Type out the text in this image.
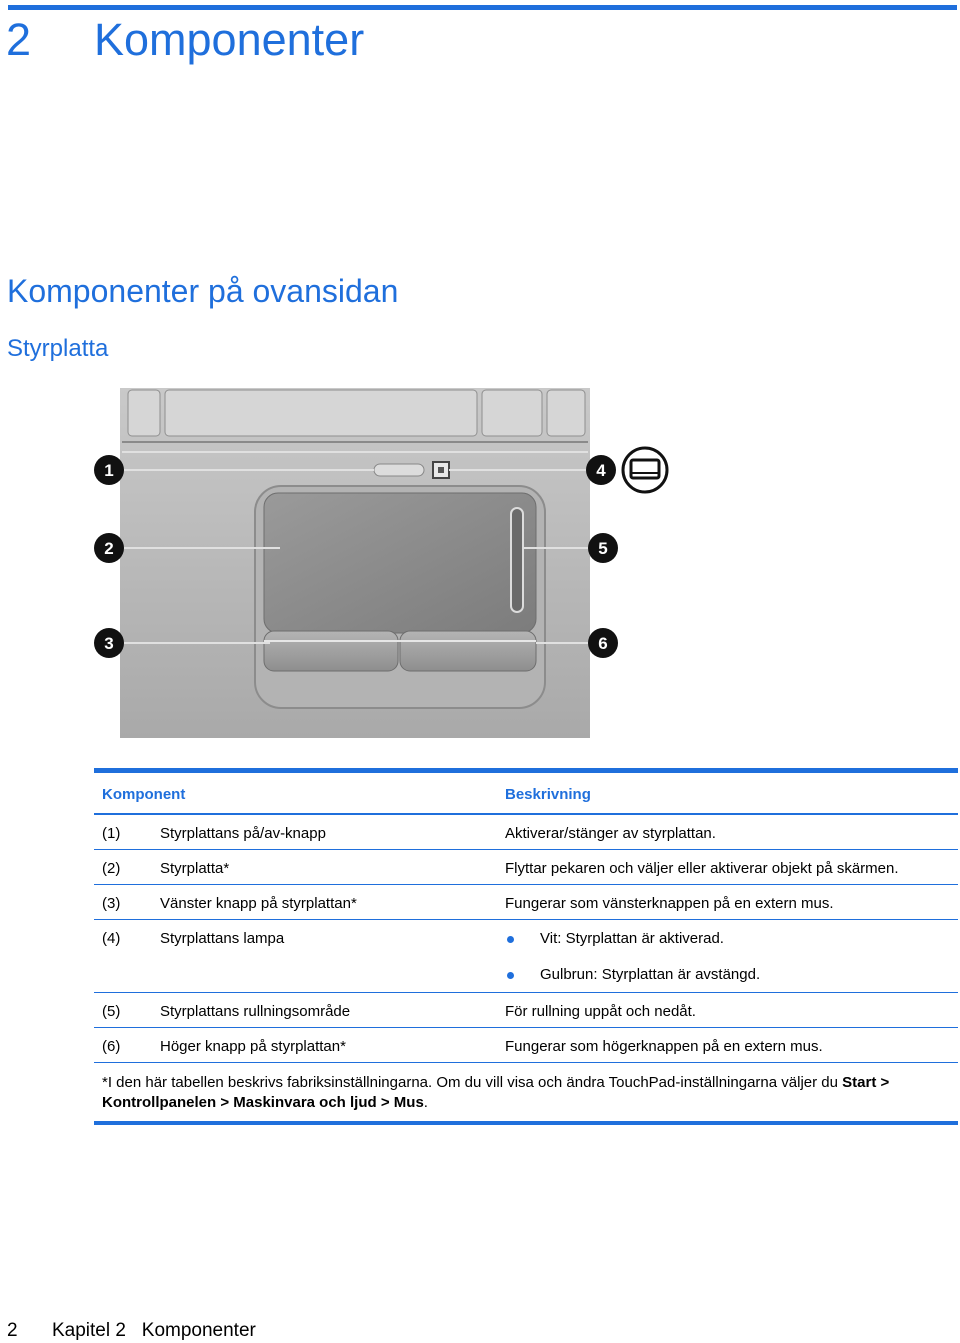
2 Komponenter
Komponenter på ovansidan
Styrplatta
1
2
3
4
5
6
Komponent	Beskrivning
(1)	Styrplattans på/av-knapp	Aktiverar/stänger av styrplattan.
(2)	Styrplatta*	Flyttar pekaren och väljer eller aktiverar objekt på skärmen.
(3)	Vänster knapp på styrplattan*	Fungerar som vänsterknappen på en extern mus.
(4)	Styrplattans lampa	Vit: Styrplattan är aktiverad.
Gulbrun: Styrplattan är avstängd.
(5)	Styrplattans rullningsområde	För rullning uppåt och nedåt.
(6)	Höger knapp på styrplattan*	Fungerar som högerknappen på en extern mus.
*I den här tabellen beskrivs fabriksinställningarna. Om du vill visa och ändra TouchPad-inställningarna väljer du Start > Kontrollpanelen > Maskinvara och ljud > Mus.
2 Kapitel 2   Komponenter
